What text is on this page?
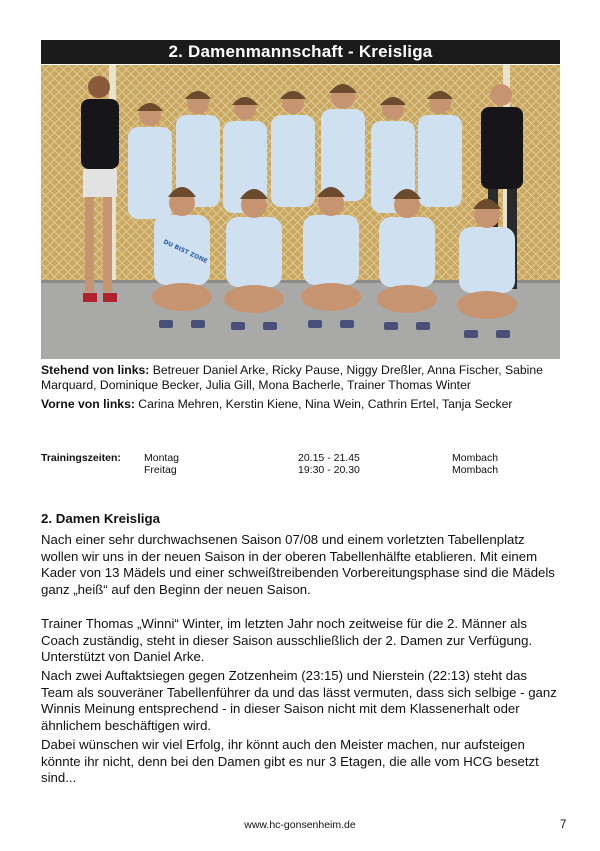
2. Damenmannschaft - Kreisliga
DU BIST ZONE
Stehend von links: Betreuer Daniel Arke, Ricky Pause, Niggy Dreßler, Anna Fischer, Sabine Marquard, Dominique Becker, Julia Gill, Mona Bacherle, Trainer Thomas Winter
Vorne von links: Carina Mehren, Kerstin Kiene, Nina Wein, Cathrin Ertel, Tanja Secker
Trainingszeiten: Montag
Freitag
20.15 - 21.45
19:30 - 20.30
Mombach
Mombach
2. Damen Kreisliga
Nach einer sehr durchwachsenen Saison 07/08 und einem vorletzten Tabellenplatz wollen wir uns in der neuen Saison in der oberen Tabellenhälfte etablieren. Mit einem Kader von 13 Mädels und einer schweißtreibenden Vorbereitungsphase sind die Mädels ganz „heiß“ auf den Beginn der neuen Saison.
Trainer Thomas „Winni“ Winter, im letzten Jahr noch zeitweise für die 2. Männer als Coach zuständig, steht in dieser Saison ausschließlich der 2. Damen zur Verfügung. Unterstützt von Daniel Arke.
Nach zwei Auftaktsiegen gegen Zotzenheim (23:15) und Nierstein (22:13) steht das Team als souveräner Tabellenführer da und das lässt vermuten, dass sich selbige - ganz Winnis Meinung entsprechend - in dieser Saison nicht mit dem Klassenerhalt oder ähnlichem beschäftigen wird.
Dabei wünschen wir viel Erfolg, ihr könnt auch den Meister machen, nur aufsteigen könnte ihr nicht, denn bei den Damen gibt es nur 3 Etagen, die alle vom HCG besetzt sind...
www.hc-gonsenheim.de	7
